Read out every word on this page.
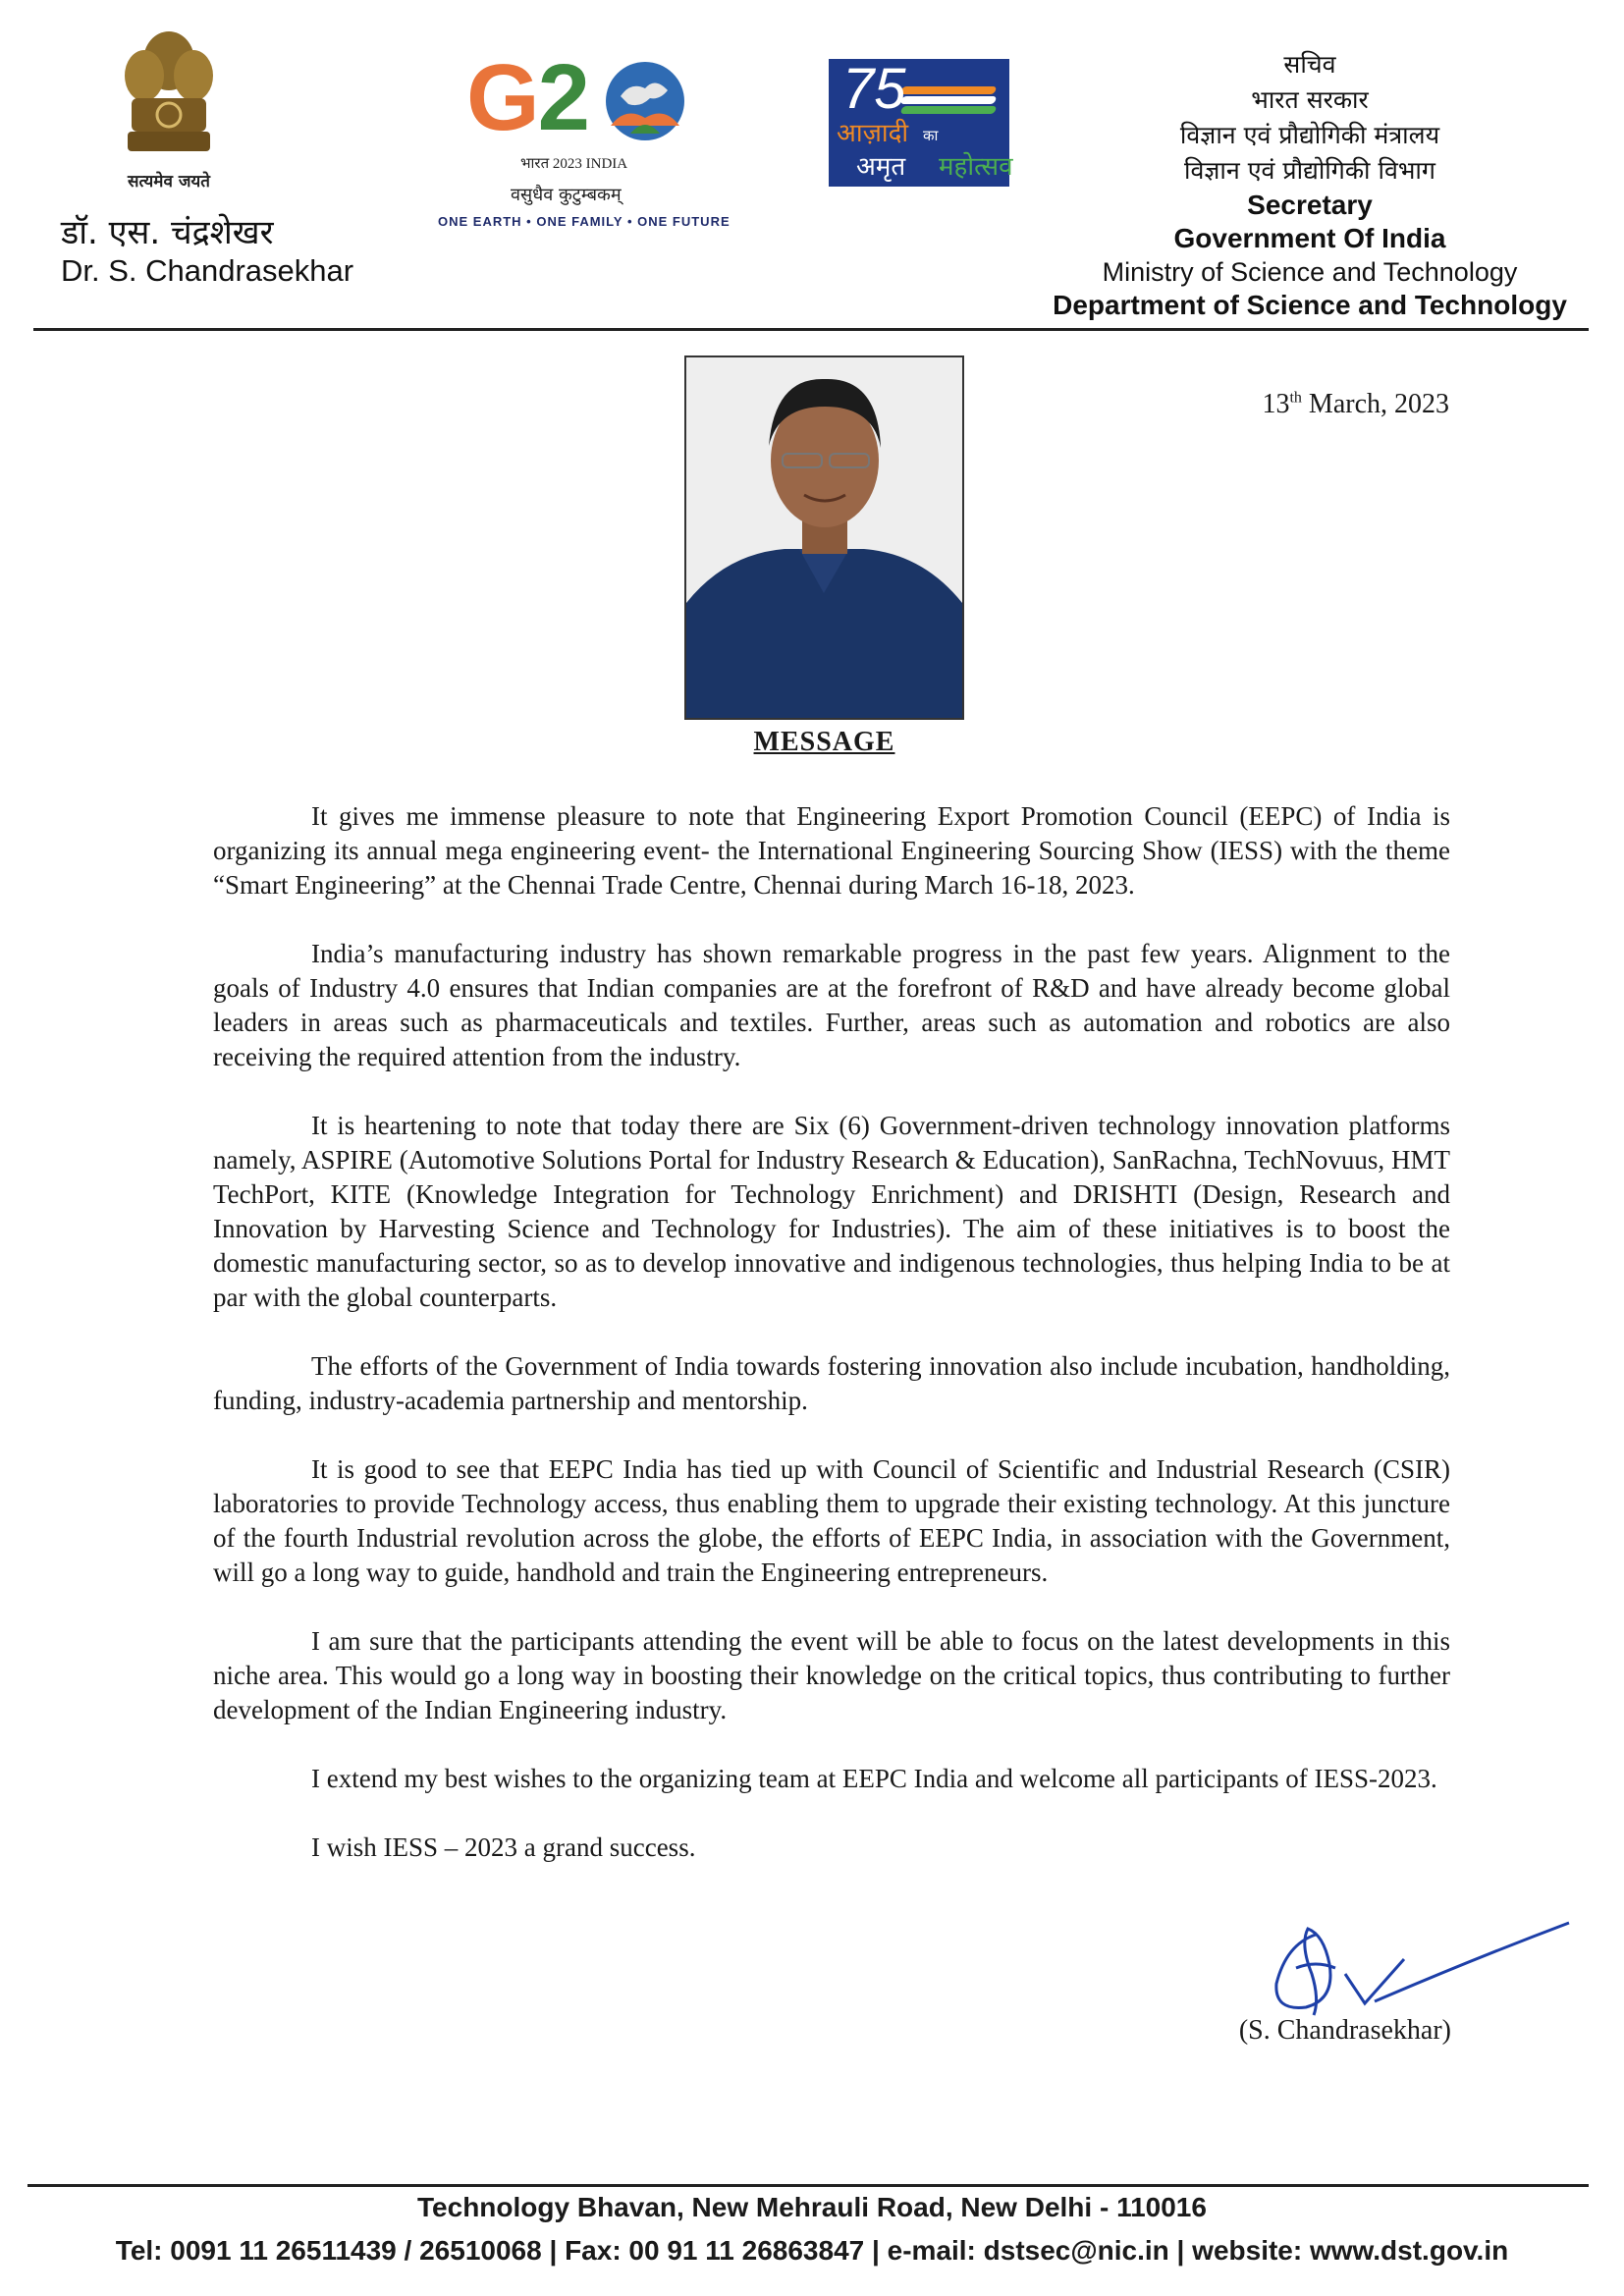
सत्यमेव जयते
डॉ. एस. चंद्रशेखर
Dr. S. Chandrasekhar
G2
भारत 2023 INDIA
वसुधैव कुटुम्बकम्
ONE EARTH • ONE FAMILY • ONE FUTURE
75
आज़ादी का
अमृत महोत्सव
सचिव
भारत सरकार
विज्ञान एवं प्रौद्योगिकी मंत्रालय
विज्ञान एवं प्रौद्योगिकी विभाग
Secretary
Government Of India
Ministry of Science and Technology
Department of Science and Technology
13th March, 2023
MESSAGE

It gives me immense pleasure to note that Engineering Export Promotion Council (EEPC) of India is organizing its annual mega engineering event- the International Engineering Sourcing Show (IESS) with the theme “Smart Engineering” at the Chennai Trade Centre, Chennai during March 16-18, 2023.

India’s manufacturing industry has shown remarkable progress in the past few years. Alignment to the goals of Industry 4.0 ensures that Indian companies are at the forefront of R&D and have already become global leaders in areas such as pharmaceuticals and textiles. Further, areas such as automation and robotics are also receiving the required attention from the industry.

It is heartening to note that today there are Six (6) Government-driven technology innovation platforms namely, ASPIRE (Automotive Solutions Portal for Industry Research & Education), SanRachna, TechNovuus, HMT TechPort, KITE (Knowledge Integration for Technology Enrichment) and DRISHTI (Design, Research and Innovation by Harvesting Science and Technology for Industries). The aim of these initiatives is to boost the domestic manufacturing sector, so as to develop innovative and indigenous technologies, thus helping India to be at par with the global counterparts.

The efforts of the Government of India towards fostering innovation also include incubation, handholding, funding, industry-academia partnership and mentorship.

It is good to see that EEPC India has tied up with Council of Scientific and Industrial Research (CSIR) laboratories to provide Technology access, thus enabling them to upgrade their existing technology. At this juncture of the fourth Industrial revolution across the globe, the efforts of EEPC India, in association with the Government, will go a long way to guide, handhold and train the Engineering entrepreneurs.

I am sure that the participants attending the event will be able to focus on the latest developments in this niche area. This would go a long way in boosting their knowledge on the critical topics, thus contributing to further development of the Indian Engineering industry.

I extend my best wishes to the organizing team at EEPC India and welcome all participants of IESS-2023.

I wish IESS – 2023 a grand success.

(S. Chandrasekhar)
Technology Bhavan, New Mehrauli Road, New Delhi - 110016
Tel: 0091 11 26511439 / 26510068 | Fax: 00 91 11 26863847 | e-mail: dstsec@nic.in | website: www.dst.gov.in
